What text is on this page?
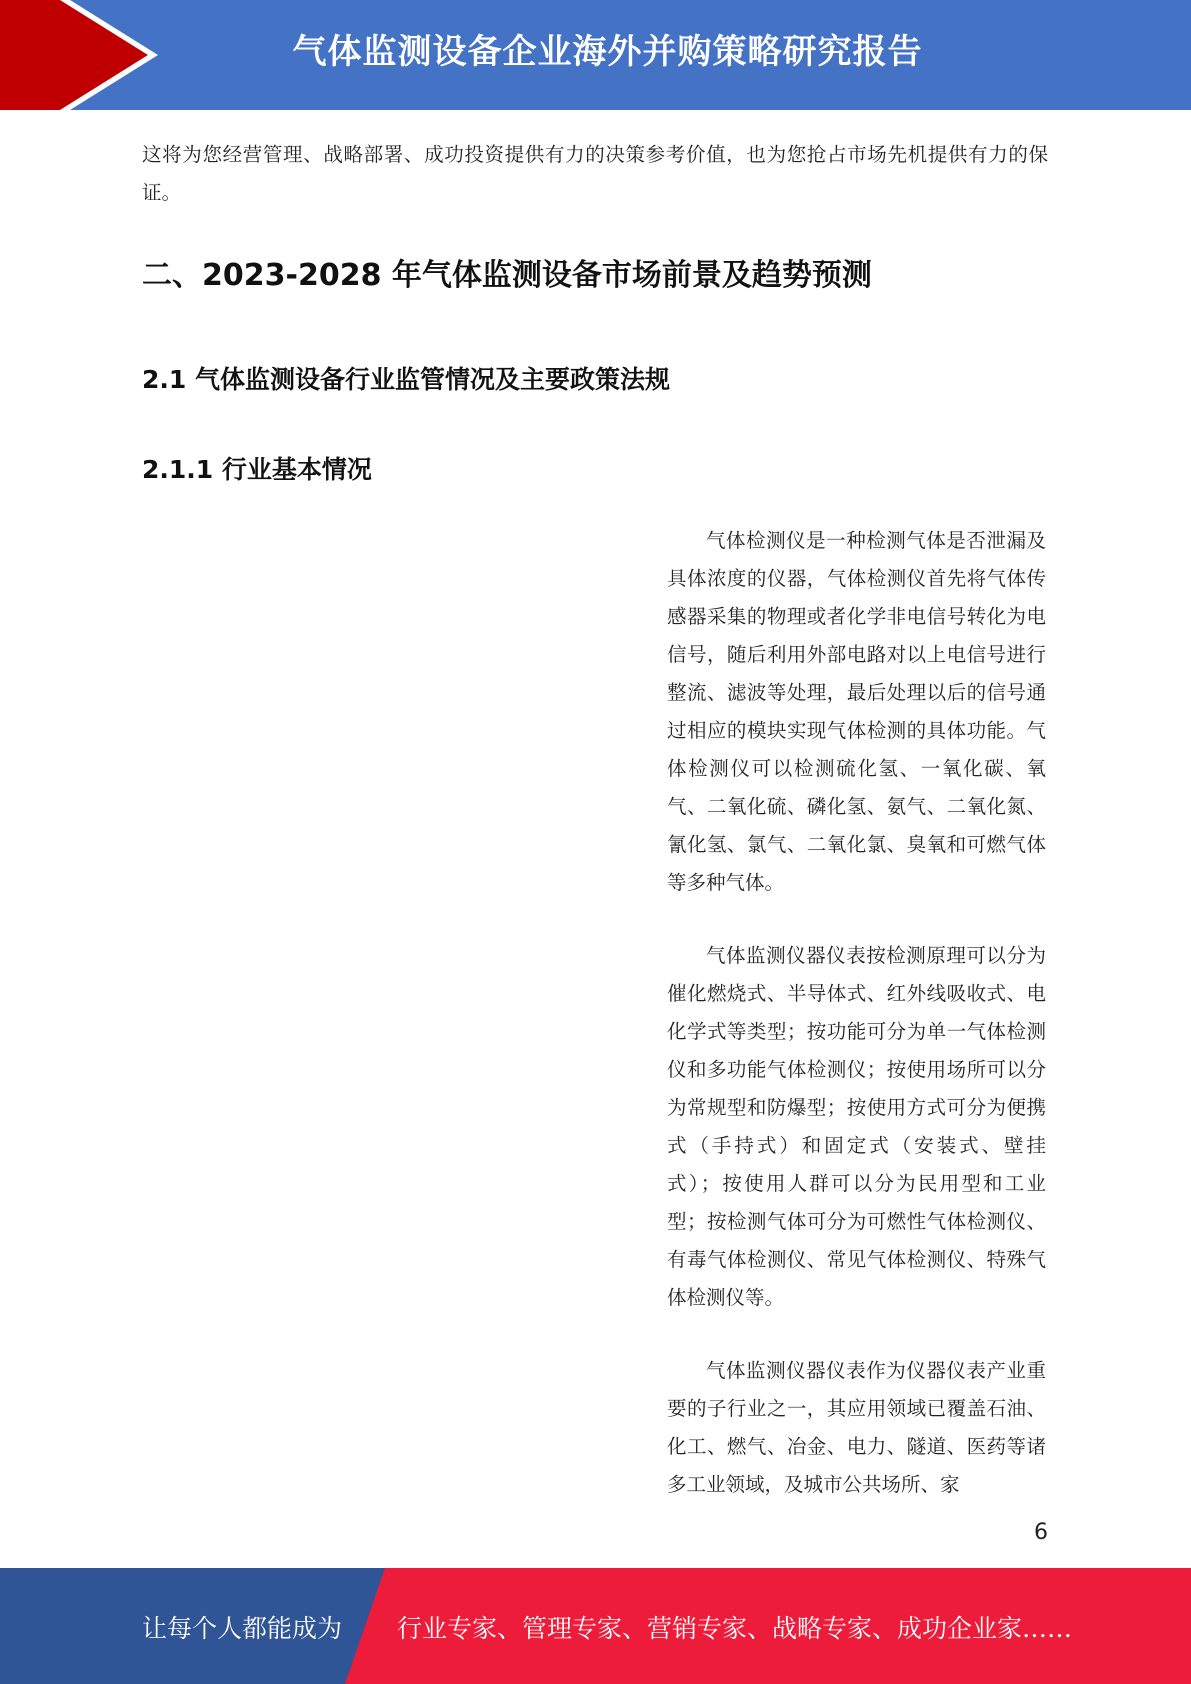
气体监测设备企业海外并购策略研究报告

这将为您经营管理、战略部署、成功投资提供有力的决策参考价值，也为您抢占市场先机提供有力的保证。

二、2023-2028 年气体监测设备市场前景及趋势预测
2.1 气体监测设备行业监管情况及主要政策法规
2.1.1 行业基本情况

气体检测仪是一种检测气体是否泄漏及具体浓度的仪器，气体检测仪首先将气体传感器采集的物理或者化学非电信号转化为电信号，随后利用外部电路对以上电信号进行整流、滤波等处理，最后处理以后的信号通过相应的模块实现气体检测的具体功能。气体检测仪可以检测硫化氢、一氧化碳、氧气、二氧化硫、磷化氢、氨气、二氧化氮、氰化氢、氯气、二氧化氯、臭氧和可燃气体等多种气体。

气体监测仪器仪表按检测原理可以分为催化燃烧式、半导体式、红外线吸收式、电化学式等类型；按功能可分为单一气体检测仪和多功能气体检测仪；按使用场所可以分为常规型和防爆型；按使用方式可分为便携式（手持式）和固定式（安装式、壁挂式）；按使用人群可以分为民用型和工业型；按检测气体可分为可燃性气体检测仪、有毒气体检测仪、常见气体检测仪、特殊气体检测仪等。

气体监测仪器仪表作为仪器仪表产业重要的子行业之一，其应用领域已覆盖石油、化工、燃气、冶金、电力、隧道、医药等诸多工业领域，及城市公共场所、家

6
让每个人都能成为 行业专家、管理专家、营销专家、战略专家、成功企业家……
